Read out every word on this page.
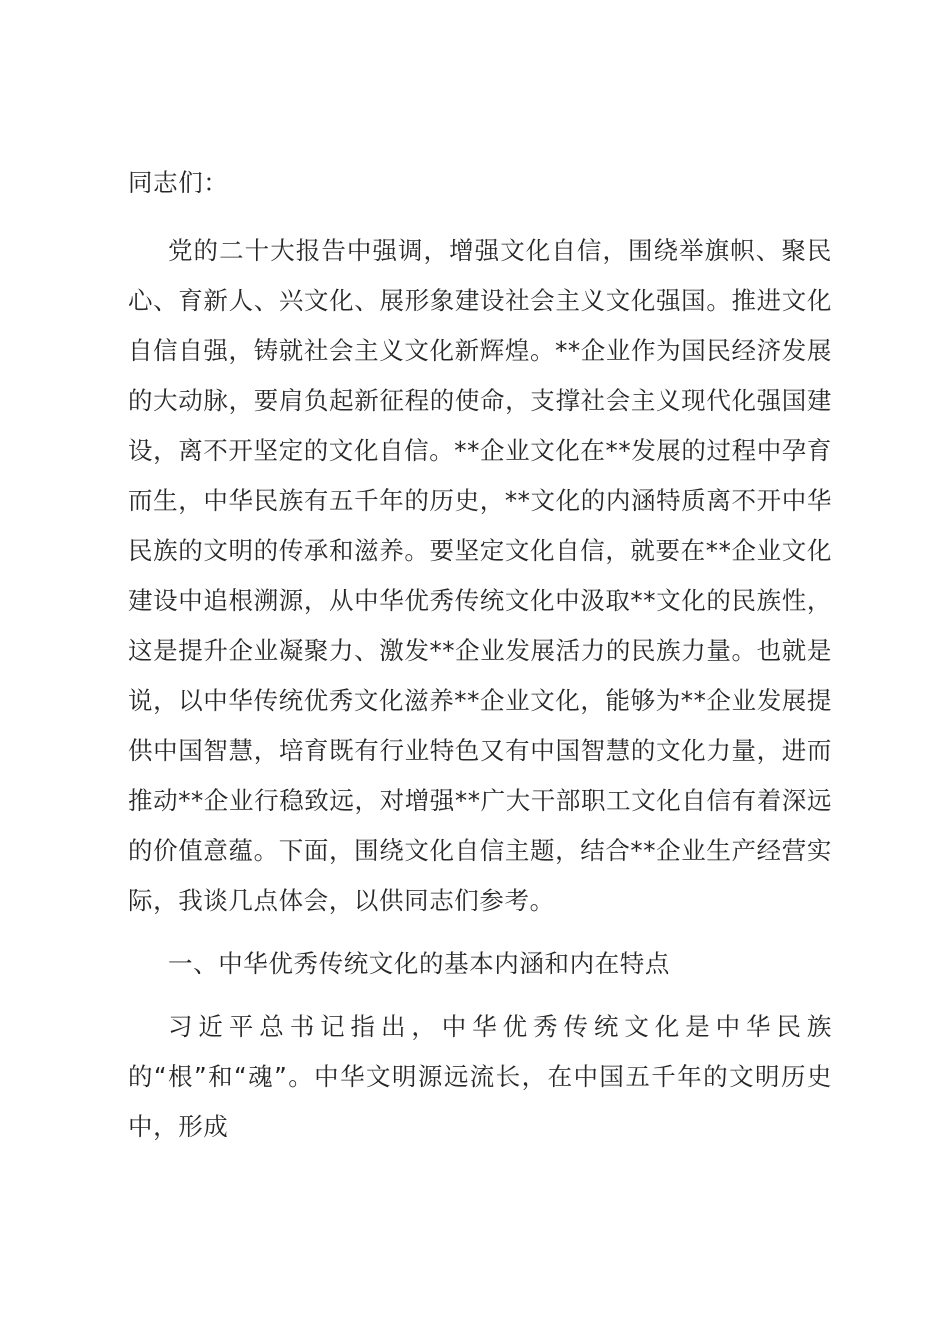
同志们：

党的二十大报告中强调，增强文化自信，围绕举旗帜、聚民心、育新人、兴文化、展形象建设社会主义文化强国。推进文化自信自强，铸就社会主义文化新辉煌。**企业作为国民经济发展的大动脉，要肩负起新征程的使命，支撑社会主义现代化强国建设，离不开坚定的文化自信。**企业文化在**发展的过程中孕育而生，中华民族有五千年的历史，**文化的内涵特质离不开中华民族的文明的传承和滋养。要坚定文化自信，就要在**企业文化建设中追根溯源，从中华优秀传统文化中汲取**文化的民族性，这是提升企业凝聚力、激发**企业发展活力的民族力量。也就是说，以中华传统优秀文化滋养**企业文化，能够为**企业发展提供中国智慧，培育既有行业特色又有中国智慧的文化力量，进而推动**企业行稳致远，对增强**广大干部职工文化自信有着深远的价值意蕴。下面，围绕文化自信主题，结合**企业生产经营实际，我谈几点体会，以供同志们参考。

一、中华优秀传统文化的基本内涵和内在特点

习近平总书记指出，中华优秀传统文化是中华民族的“根”和“魂”。中华文明源远流长，在中国五千年的文明历史中，形成
